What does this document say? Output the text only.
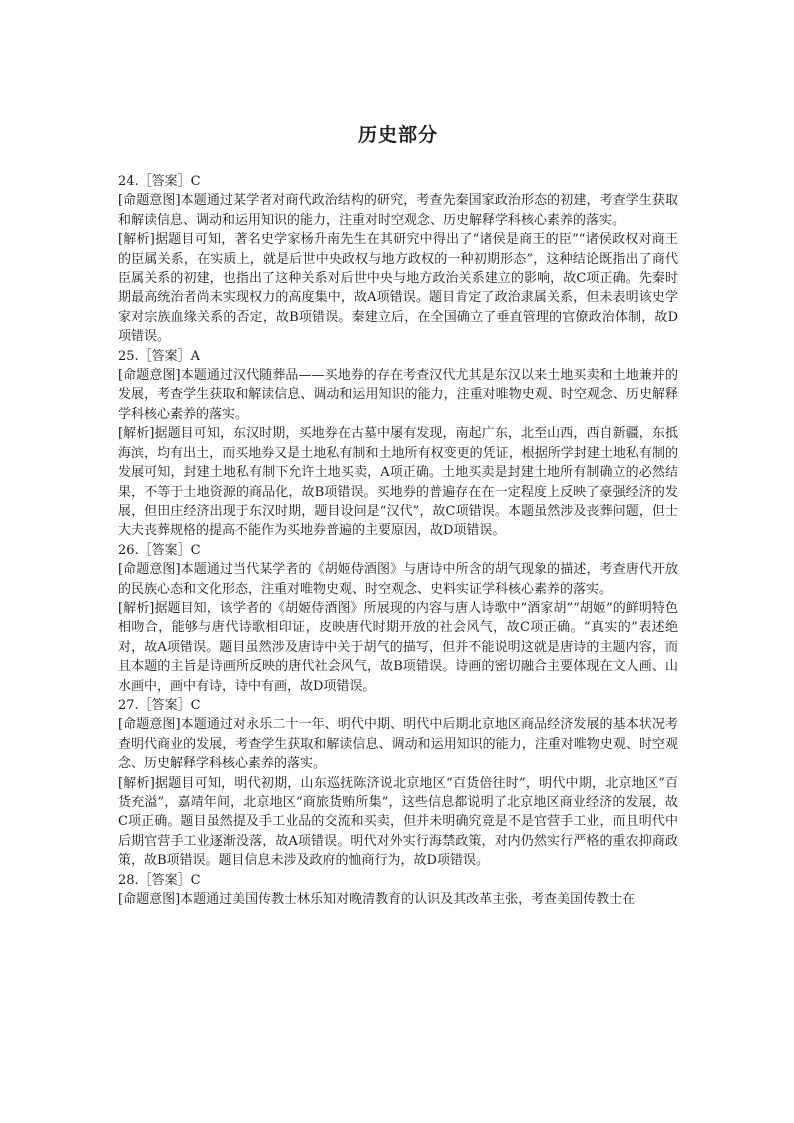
历史部分

24.［答案］C

[命题意图]本题通过某学者对商代政治结构的研究，考查先秦国家政治形态的初建，考查学生获取和解读信息、调动和运用知识的能力，注重对时空观念、历史解释学科核心素养的落实。

[解析]据题目可知，著名史学家杨升南先生在其研究中得出了“诸侯是商王的臣”“诸侯政权对商王的臣属关系，在实质上，就是后世中央政权与地方政权的一种初期形态”，这种结论既指出了商代臣属关系的初建，也指出了这种关系对后世中央与地方政治关系建立的影响，故C项正确。先秦时期最高统治者尚未实现权力的高度集中，故A项错误。题目肯定了政治隶属关系，但未表明该史学家对宗族血缘关系的否定，故B项错误。秦建立后，在全国确立了垂直管理的官僚政治体制，故D项错误。

25.［答案］A

[命题意图]本题通过汉代随葬品——买地券的存在考查汉代尤其是东汉以来土地买卖和土地兼并的发展，考查学生获取和解读信息、调动和运用知识的能力，注重对唯物史观、时空观念、历史解释学科核心素养的落实。

[解析]据题目可知，东汉时期，买地券在古墓中屡有发现，南起广东，北至山西，西自新疆，东抵海滨，均有出土，而买地券又是土地私有制和土地所有权变更的凭证，根据所学封建土地私有制的发展可知，封建土地私有制下允许土地买卖，A项正确。土地买卖是封建土地所有制确立的必然结果，不等于土地资源的商品化，故B项错误。买地券的普遍存在在一定程度上反映了豪强经济的发展，但田庄经济出现于东汉时期，题目设问是“汉代”，故C项错误。本题虽然涉及丧葬问题，但士大夫丧葬规格的提高不能作为买地券普遍的主要原因，故D项错误。

26.［答案］C

[命题意图]本题通过当代某学者的《胡姬侍酒图》与唐诗中所含的胡气现象的描述，考查唐代开放的民族心态和文化形态，注重对唯物史观、时空观念、史料实证学科核心素养的落实。

[解析]据题目知，该学者的《胡姬侍酒图》所展现的内容与唐人诗歌中“酒家胡”“胡姬”的鲜明特色相吻合，能够与唐代诗歌相印证，皮映唐代时期开放的社会风气，故C项正确。“真实的”表述绝对，故A项错误。题目虽然涉及唐诗中关于胡气的描写，但并不能说明这就是唐诗的主题内容，而且本题的主旨是诗画所反映的唐代社会风气，故B项错误。诗画的密切融合主要体现在文人画、山水画中，画中有诗，诗中有画，故D项错误。

27.［答案］C

[命题意图]本题通过对永乐二十一年、明代中期、明代中后期北京地区商品经济发展的基本状况考查明代商业的发展，考查学生获取和解读信息、调动和运用知识的能力，注重对唯物史观、时空观念、历史解释学科核心素养的落实。

[解析]据题目可知，明代初期，山东巡抚陈济说北京地区“百货倍往时”，明代中期，北京地区“百货充溢”，嘉靖年间，北京地区“商旅货贿所集”，这些信息都说明了北京地区商业经济的发展，故C项正确。题目虽然提及手工业品的交流和买卖，但并未明确究竟是不是官营手工业，而且明代中后期官营手工业逐渐没落，故A项错误。明代对外实行海禁政策，对内仍然实行严格的重农抑商政策，故B项错误。题目信息未涉及政府的恤商行为，故D项错误。

28.［答案］C

[命题意图]本题通过美国传教士林乐知对晚清教育的认识及其改革主张，考查美国传教士在
